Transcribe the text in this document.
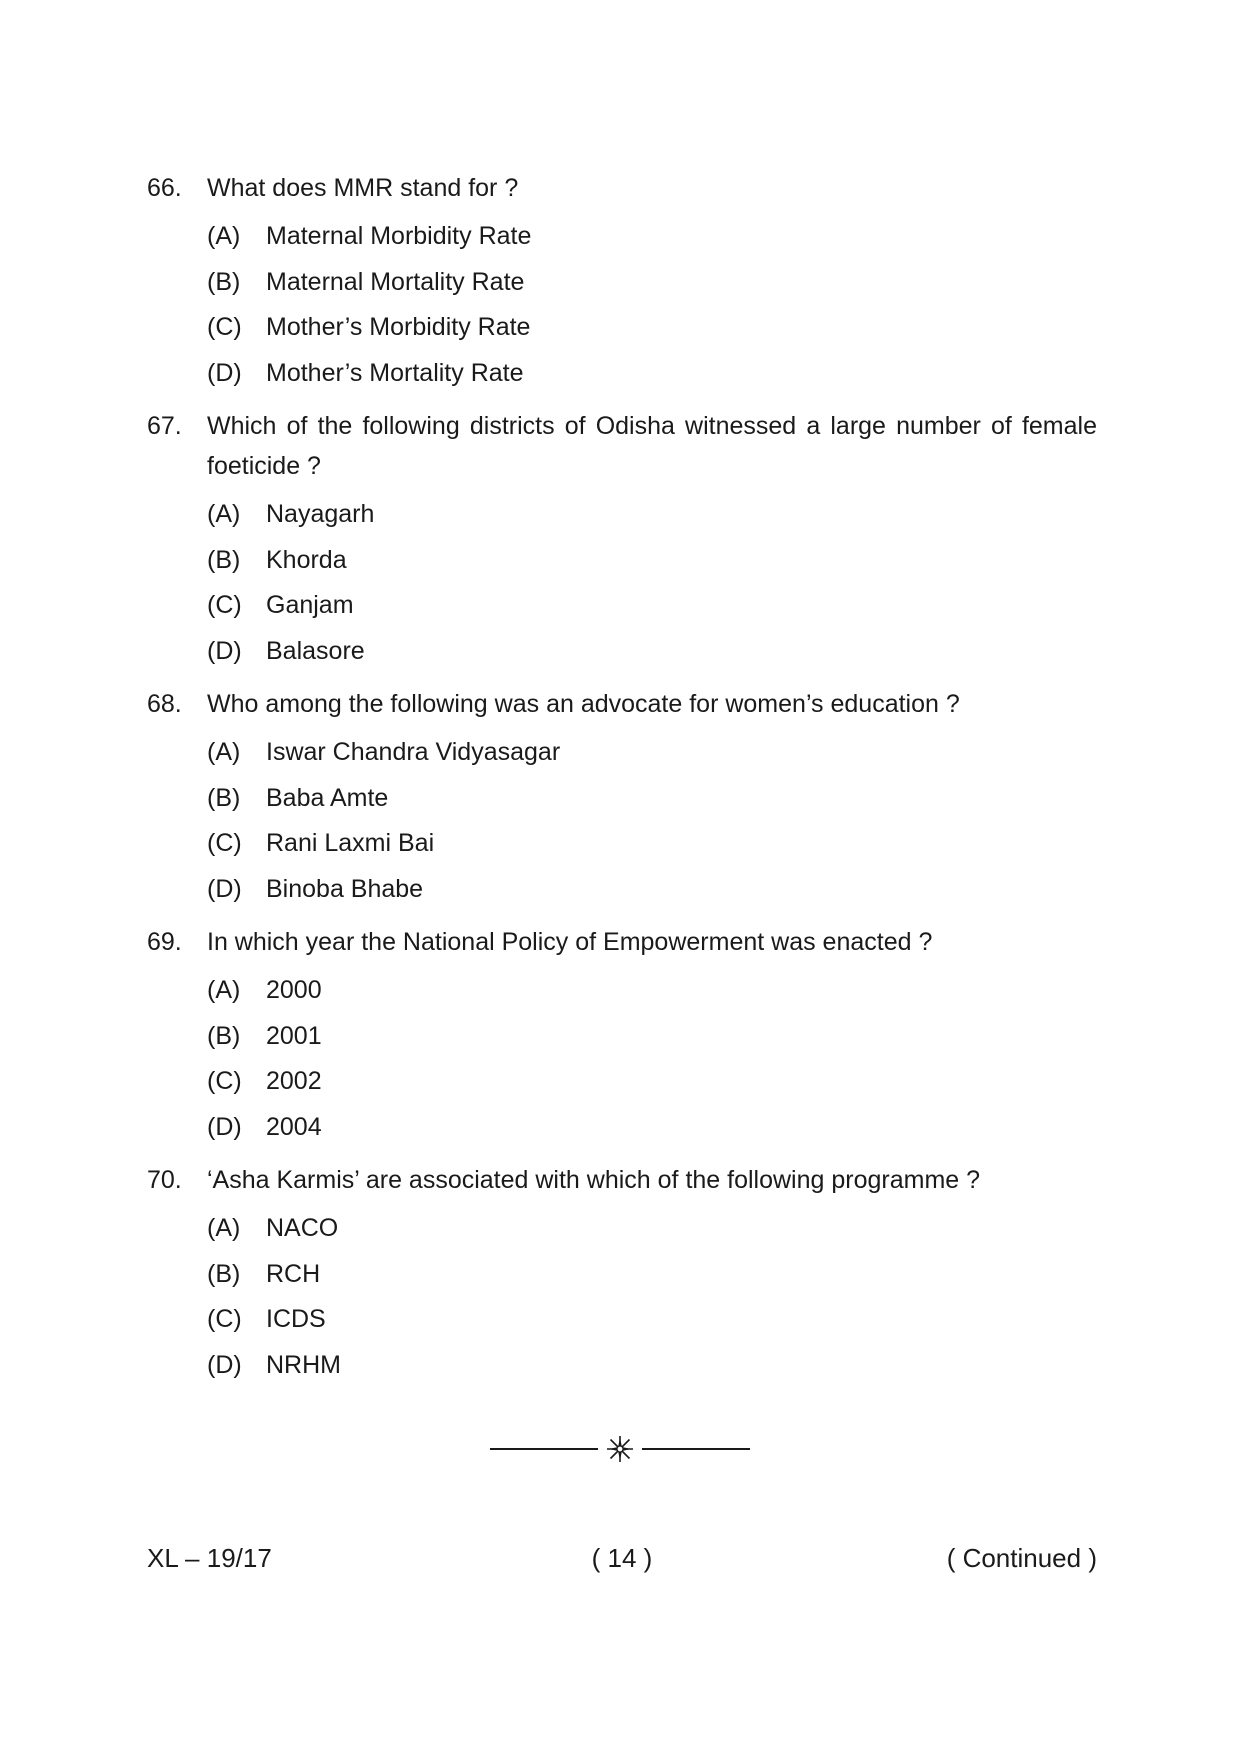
66.	What does MMR stand for ?
(A)	Maternal Morbidity Rate
(B)	Maternal Mortality Rate
(C) Mother’s Morbidity Rate
(D) Mother’s Mortality Rate
67.	Which of the following districts of Odisha witnessed a large number of female foeticide ?
(A)	Nayagarh
(B)	Khorda
(C) Ganjam
(D) Balasore
68.	Who among the following was an advocate for women’s education ?
(A)	Iswar Chandra Vidyasagar
(B)	Baba Amte
(C) Rani Laxmi Bai
(D) Binoba Bhabe
69.	In which year the National Policy of Empowerment was enacted ?
(A)	2000
(B)	2001
(C) 2002
(D) 2004
70.	‘Asha Karmis’ are associated with which of the following programme ?
(A)	NACO
(B)	RCH
(C) ICDS
(D) NRHM
XL – 19/17	( 14 )	( Continued )
